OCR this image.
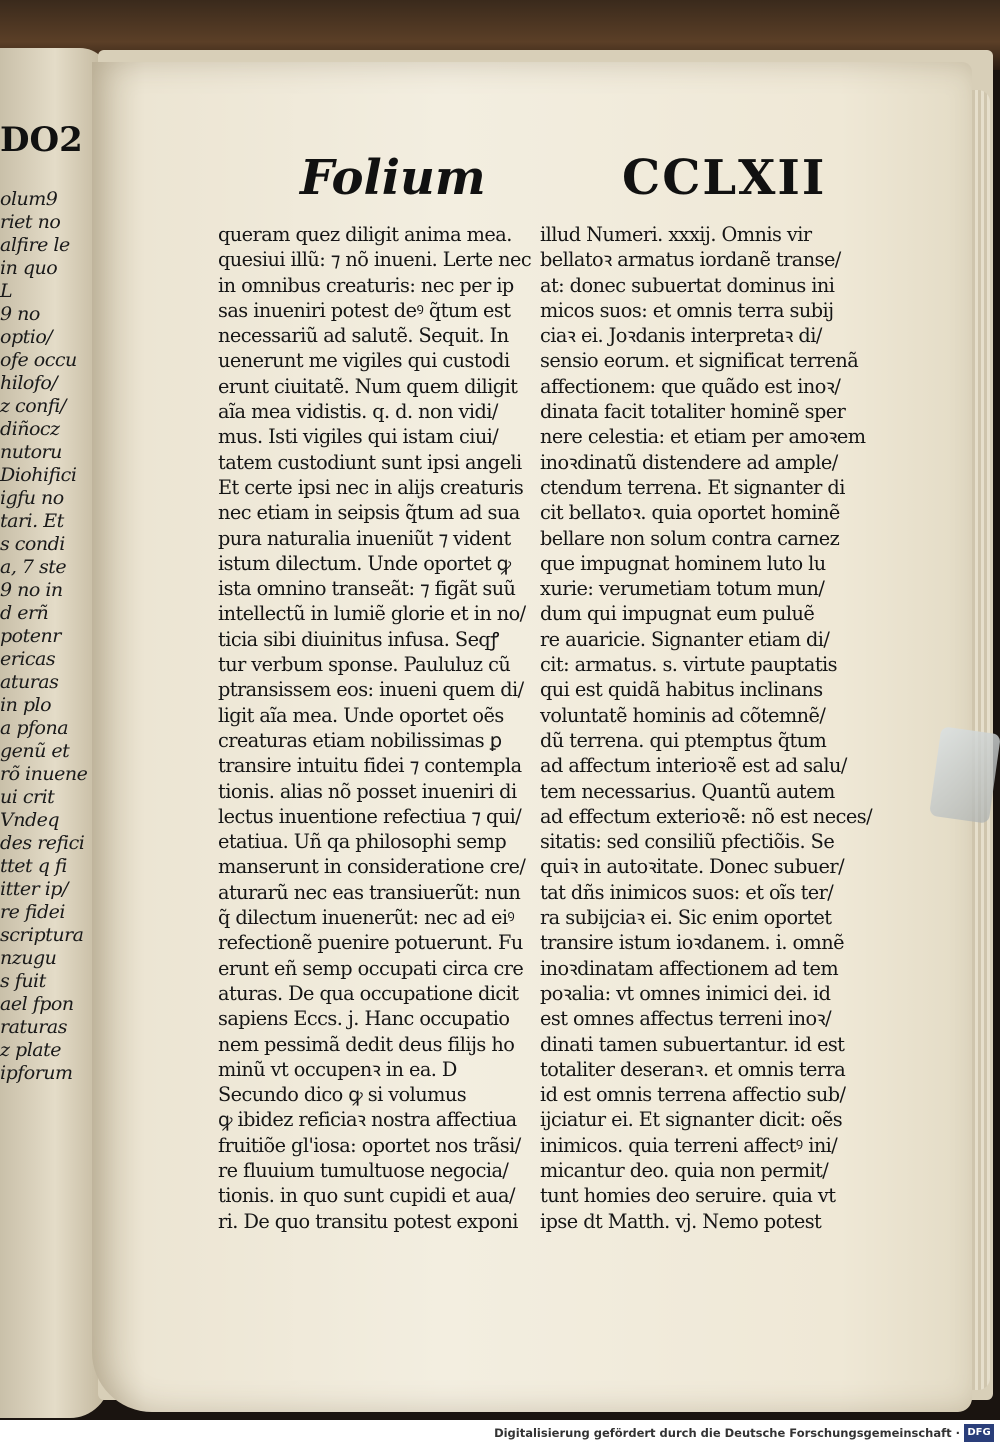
DO2
olum9
riet no
alfire le
in quo
L
9 no
optio/
ofe occu
hilofo/
z confi/
diñocz
nutoru
Diohifici
igfu no
tari. Et
s condi
a, 7 ste
9 no in
d erñ
potenr
ericas
aturas
in plo
a pfona
genũ et
rõ inuene
ui crit
Vndeq
des refici
ttet q fi
itter ip/
re fidei
scriptura
nzugu
s fuit
ael fpon
raturas
z plate
ipforum
Folium	CCLXII
queram quez diligit anima mea.
quesiui illũ: ⁊ nõ inueni. Lerte nec
in omnibus creaturis: nec per ip
sas inueniri potest deꝰ q̃tum est
necessariũ ad salutẽ. Sequit. In
uenerunt me vigiles qui custodi
erunt ciuitatẽ. Num quem diligit
aĩa mea vidistis. q. d. non vidi/
mus. Isti vigiles qui istam ciui/
tatem custodiunt sunt ipsi angeli
Et certe ipsi nec in alijs creaturis
nec etiam in seipsis q̃tum ad sua
pura naturalia inueniũt ⁊ vident
istum dilectum. Unde oportet ꝙ
ista omnino transeãt: ⁊ figãt suũ
intellectũ in lumiẽ glorie et in no/
ticia sibi diuinitus infusa. Seqꝭ
tur verbum sponse. Paululuz cũ
ptransissem eos: inueni quem di/
ligit aĩa mea. Unde oportet oẽs
creaturas etiam nobilissimas ꝑ
transire intuitu fidei ⁊ contempla
tionis. alias nõ posset inueniri di
lectus inuentione refectiua ⁊ qui/
etatiua. Uñ qa philosophi semp
manserunt in consideratione cre/
aturarũ nec eas transiuerũt: nun
q̃ dilectum inuenerũt: nec ad eiꝰ
refectionẽ puenire potuerunt. Fu
erunt eñ semp occupati circa cre
aturas. De qua occupatione dicit
sapiens Eccs. j. Hanc occupatio
nem pessimã dedit deus filijs ho
minũ vt occupenꝛ in ea. D
Secundo dico ꝙ si volumus
ꝙ ibidez reficiaꝛ nostra affectiua
fruitiõe gl'iosa: oportet nos trãsi/
re fluuium tumultuose negocia/
tionis. in quo sunt cupidi et aua/
ri. De quo transitu potest exponi
illud Numeri. xxxij. Omnis vir
bellatoꝛ armatus iordanẽ transe/
at: donec subuertat dominus ini
micos suos: et omnis terra subij
ciaꝛ ei. Joꝛdanis interpretaꝛ di/
sensio eorum. et significat terrenã
affectionem: que quãdo est inoꝛ/
dinata facit totaliter hominẽ sper
nere celestia: et etiam per amoꝛem
inoꝛdinatũ distendere ad ample/
ctendum terrena. Et signanter di
cit bellatoꝛ. quia oportet hominẽ
bellare non solum contra carnez
que impugnat hominem luto lu
xurie: verumetiam totum mun/
dum qui impugnat eum puluẽ
re auaricie. Signanter etiam di/
cit: armatus. s. virtute pauptatis
qui est quidã habitus inclinans
voluntatẽ hominis ad cõtemnẽ/
dũ terrena. qui ptemptus q̃tum
ad affectum interioꝛẽ est ad salu/
tem necessarius. Quantũ autem
ad effectum exterioꝛẽ: nõ est neces/
sitatis: sed consiliũ pfectiõis. Se
quiꝛ in autoꝛitate. Donec subuer/
tat dñs inimicos suos: et oĩs ter/
ra subijciaꝛ ei. Sic enim oportet
transire istum ioꝛdanem. i. omnẽ
inoꝛdinatam affectionem ad tem
poꝛalia: vt omnes inimici dei. id
est omnes affectus terreni inoꝛ/
dinati tamen subuertantur. id est
totaliter deseranꝛ. et omnis terra
id est omnis terrena affectio sub/
ijciatur ei. Et signanter dicit: oẽs
inimicos. quia terreni affectꝰ ini/
micantur deo. quia non permit/
tunt homies deo seruire. quia vt
ipse dt Matth. vj. Nemo potest
Digitalisierung gefördert durch die Deutsche Forschungsgemeinschaft · DFG
